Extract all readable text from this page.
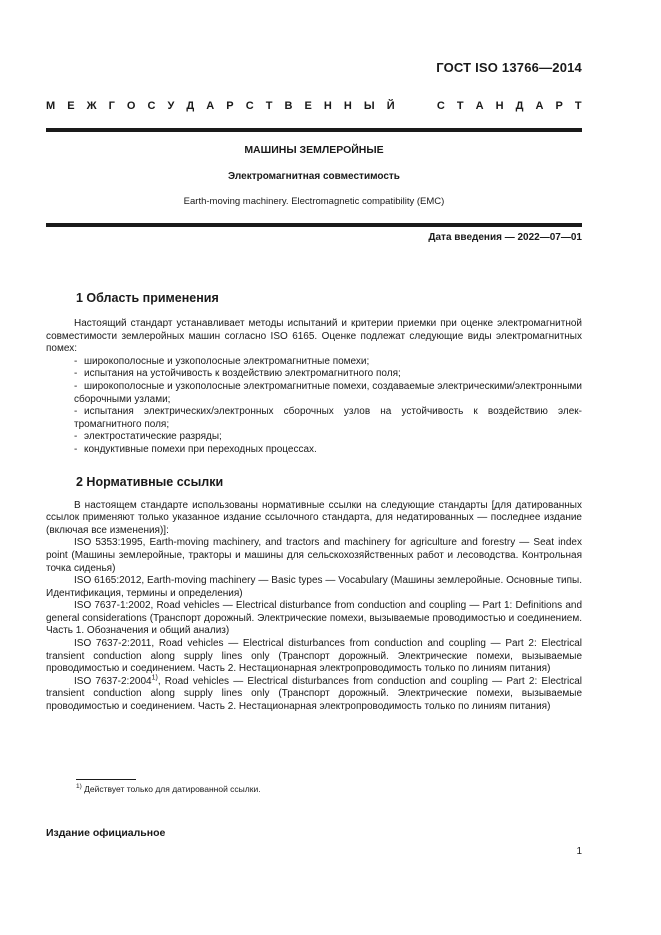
ГОСТ ISO 13766—2014
М Е Ж Г О С У Д А Р С Т В Е Н Н Ы Й

	С Т А Н Д А Р Т
МАШИНЫ ЗЕМЛЕРОЙНЫЕ
Электромагнитная совместимость
Earth-moving machinery. Electromagnetic compatibility (EMC)
Дата введения — 2022—07—01
1 Область применения

Настоящий стандарт устанавливает методы испытаний и критерии приемки при оценке электромагнитной совместимости землеройных машин согласно ISO 6165. Оценке подлежат следующие виды электромагнитных помех:

- широкополосные и узкополосные электромагнитные помехи;
- испытания на устойчивость к воздействию электромагнитного поля;
- широкополосные и узкополосные электромагнитные помехи, создаваемые электрическими/электронными сборочными узлами;
- испытания электрических/электронных сборочных узлов на устойчивость к воздействию электромагнитного поля;
- электростатические разряды;
- кондуктивные помехи при переходных процессах.
2 Нормативные ссылки

В настоящем стандарте использованы нормативные ссылки на следующие стандарты [для датированных ссылок применяют только указанное издание ссылочного стандарта, для недатированных — последнее издание (включая все изменения)]:

ISO 5353:1995, Earth-moving machinery, and tractors and machinery for agriculture and forestry — Seat index point (Машины землеройные, тракторы и машины для сельскохозяйственных работ и лесоводства. Контрольная точка сиденья)

ISO 6165:2012, Earth-moving machinery — Basic types — Vocabulary (Машины землеройные. Основные типы. Идентификация, термины и определения)

ISO 7637-1:2002, Road vehicles — Electrical disturbance from conduction and coupling — Part 1: Definitions and general considerations (Транспорт дорожный. Электрические помехи, вызываемые проводимостью и соединением. Часть 1. Обозначения и общий анализ)

ISO 7637-2:2011, Road vehicles — Electrical disturbances from conduction and coupling — Part 2: Electrical transient conduction along supply lines only (Транспорт дорожный. Электрические помехи, вызываемые проводимостью и соединением. Часть 2. Нестационарная электропроводимость только по линиям питания)

ISO 7637-2:2004$^{1)}$, Road vehicles — Electrical disturbances from conduction and coupling — Part 2: Electrical transient conduction along supply lines only (Транспорт дорожный. Электрические помехи, вызываемые проводимостью и соединением. Часть 2. Нестационарная электропроводимость только по линиям питания)

$^{1)}$ Действует только для датированной ссылки.
Издание официальное
1
